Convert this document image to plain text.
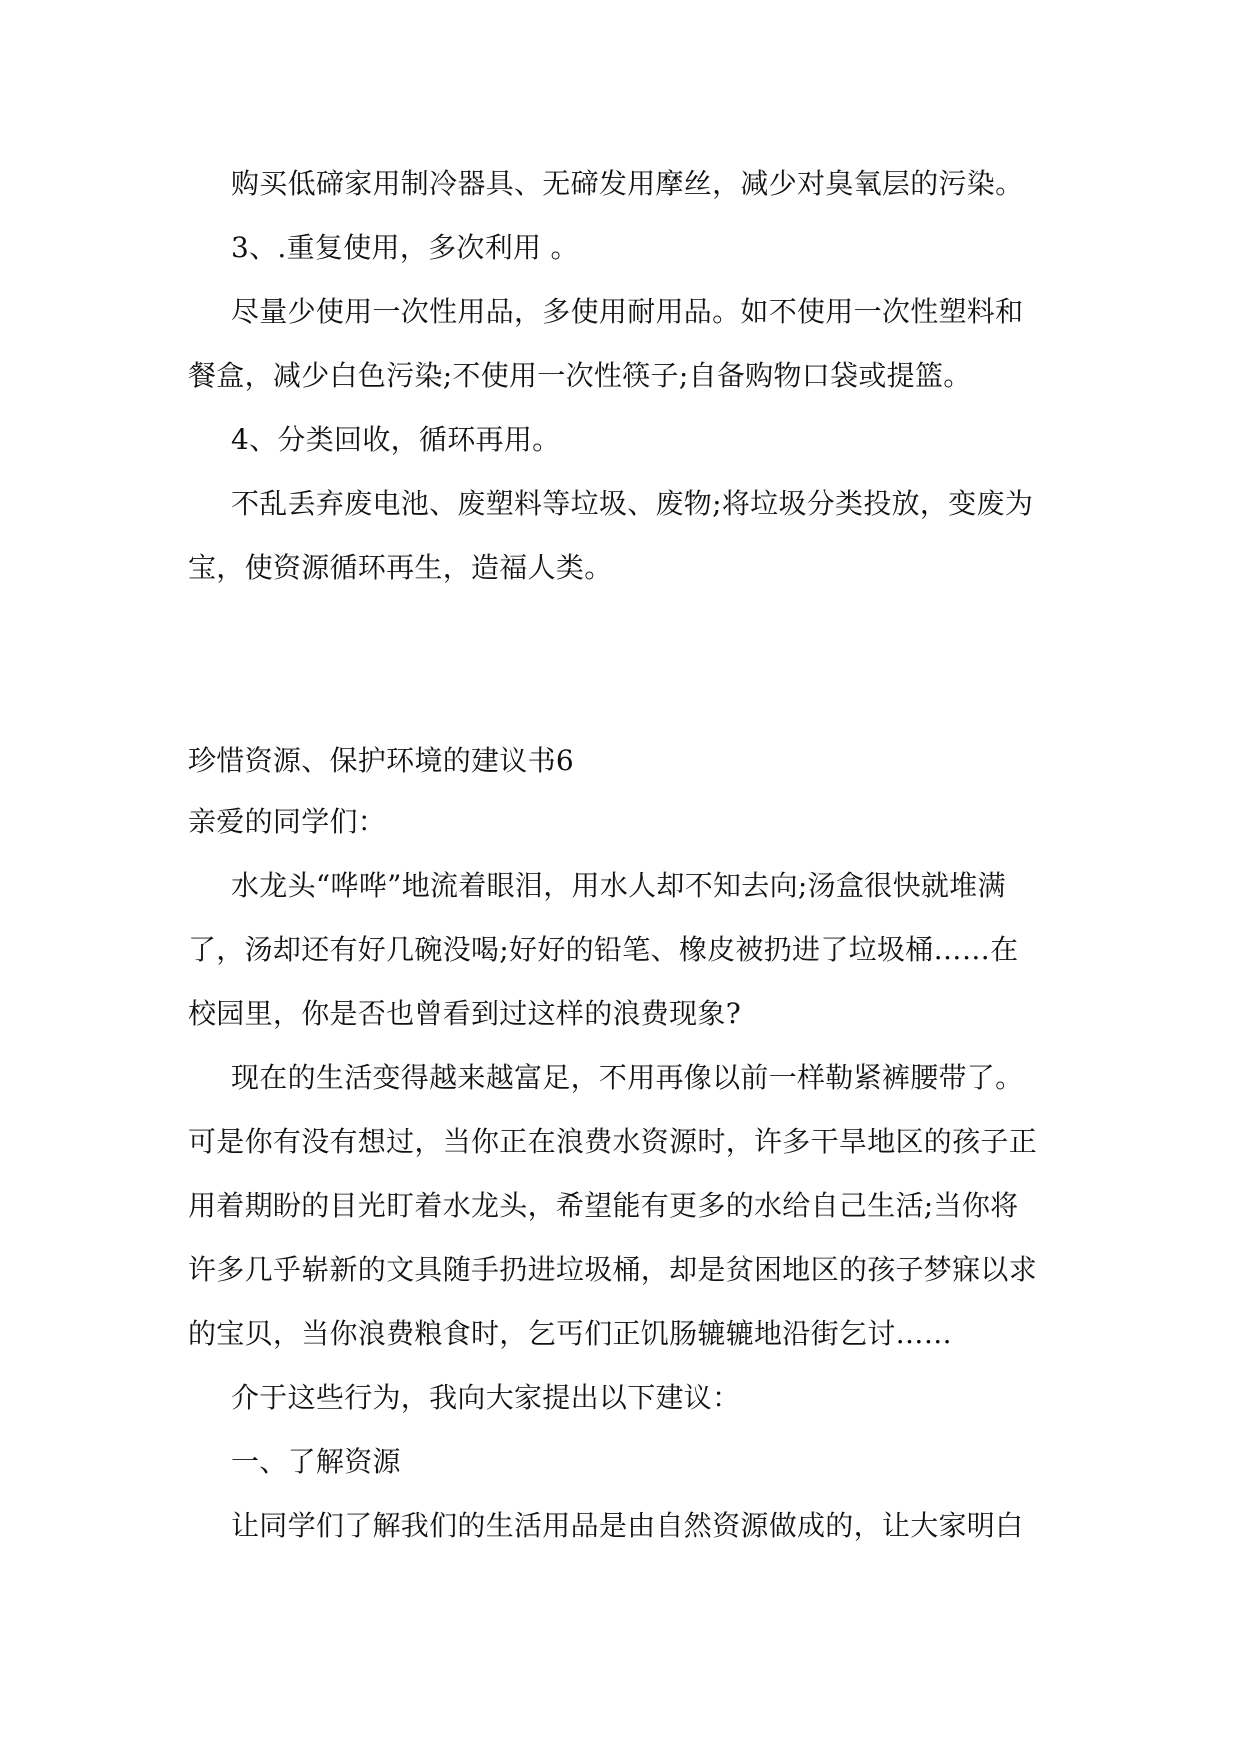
购买低碲家用制冷器具、无碲发用摩丝，减少对臭氧层的污染。
3、.重复使用，多次利用 。
尽量少使用一次性用品，多使用耐用品。如不使用一次性塑料和
餐盒，减少白色污染;不使用一次性筷子;自备购物口袋或提篮。
4、分类回收，循环再用。
不乱丢弃废电池、废塑料等垃圾、废物;将垃圾分类投放，变废为
宝，使资源循环再生，造福人类。
珍惜资源、保护环境的建议书6
亲爱的同学们：
水龙头“哗哗”地流着眼泪，用水人却不知去向;汤盒很快就堆满
了，汤却还有好几碗没喝;好好的铅笔、橡皮被扔进了垃圾桶……在
校园里，你是否也曾看到过这样的浪费现象?
现在的生活变得越来越富足，不用再像以前一样勒紧裤腰带了。
可是你有没有想过，当你正在浪费水资源时，许多干旱地区的孩子正
用着期盼的目光盯着水龙头，希望能有更多的水给自己生活;当你将
许多几乎崭新的文具随手扔进垃圾桶，却是贫困地区的孩子梦寐以求
的宝贝，当你浪费粮食时，乞丐们正饥肠辘辘地沿街乞讨……
介于这些行为，我向大家提出以下建议：
一、了解资源
让同学们了解我们的生活用品是由自然资源做成的，让大家明白
